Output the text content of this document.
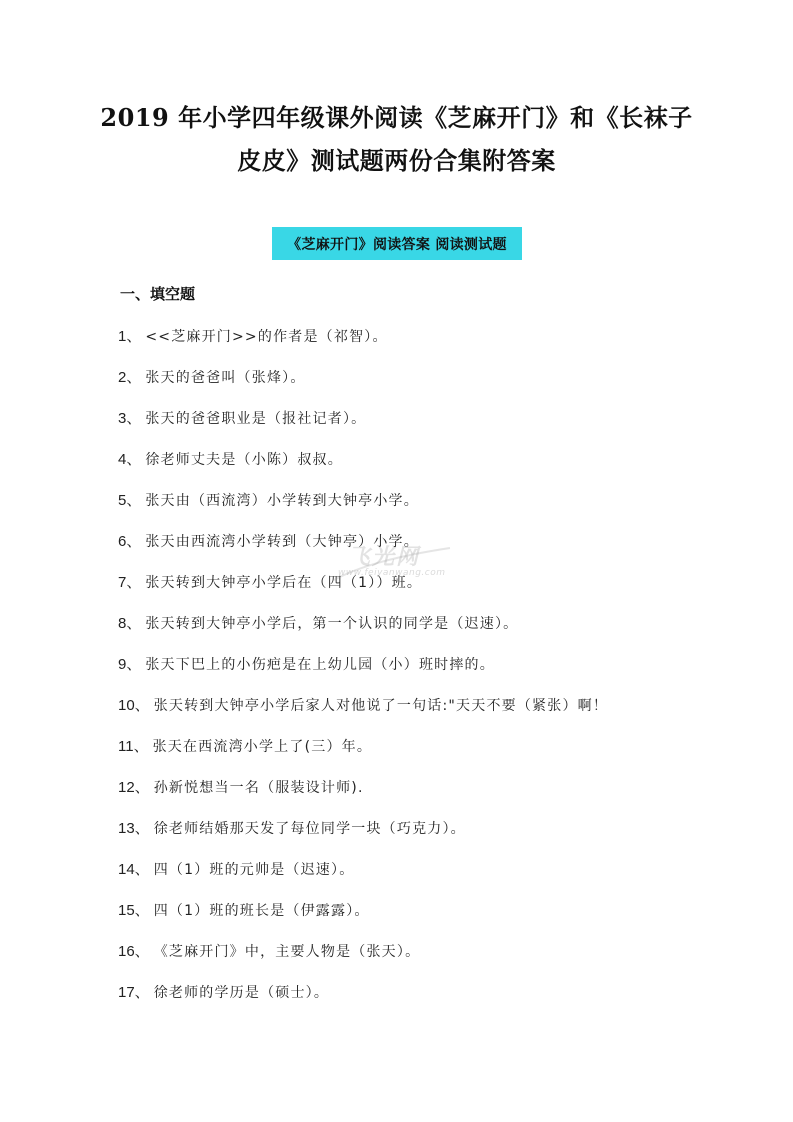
2019 年小学四年级课外阅读《芝麻开门》和《长袜子
皮皮》测试题两份合集附答案
《芝麻开门》阅读答案 阅读测试题
一、填空题
1、 <<芝麻开门>>的作者是（祁智）。
2、 张天的爸爸叫（张烽）。
3、 张天的爸爸职业是（报社记者）。
4、 徐老师丈夫是（小陈）叔叔。
5、 张天由（西流湾）小学转到大钟亭小学。
6、 张天由西流湾小学转到（大钟亭）小学。
7、 张天转到大钟亭小学后在（四（1））班。
8、 张天转到大钟亭小学后，第一个认识的同学是（迟速）。
9、 张天下巴上的小伤疤是在上幼儿园（小）班时摔的。
10、 张天转到大钟亭小学后家人对他说了一句话:"天天不要（紧张）啊！
11、 张天在西流湾小学上了(三）年。
12、 孙新悦想当一名（服装设计师).
13、 徐老师结婚那天发了每位同学一块（巧克力）。
14、 四（1）班的元帅是（迟速）。
15、 四（1）班的班长是（伊露露）。
16、 《芝麻开门》中，主要人物是（张天）。
17、 徐老师的学历是（硕士）。
飞光网
www.feiyanwang.com
